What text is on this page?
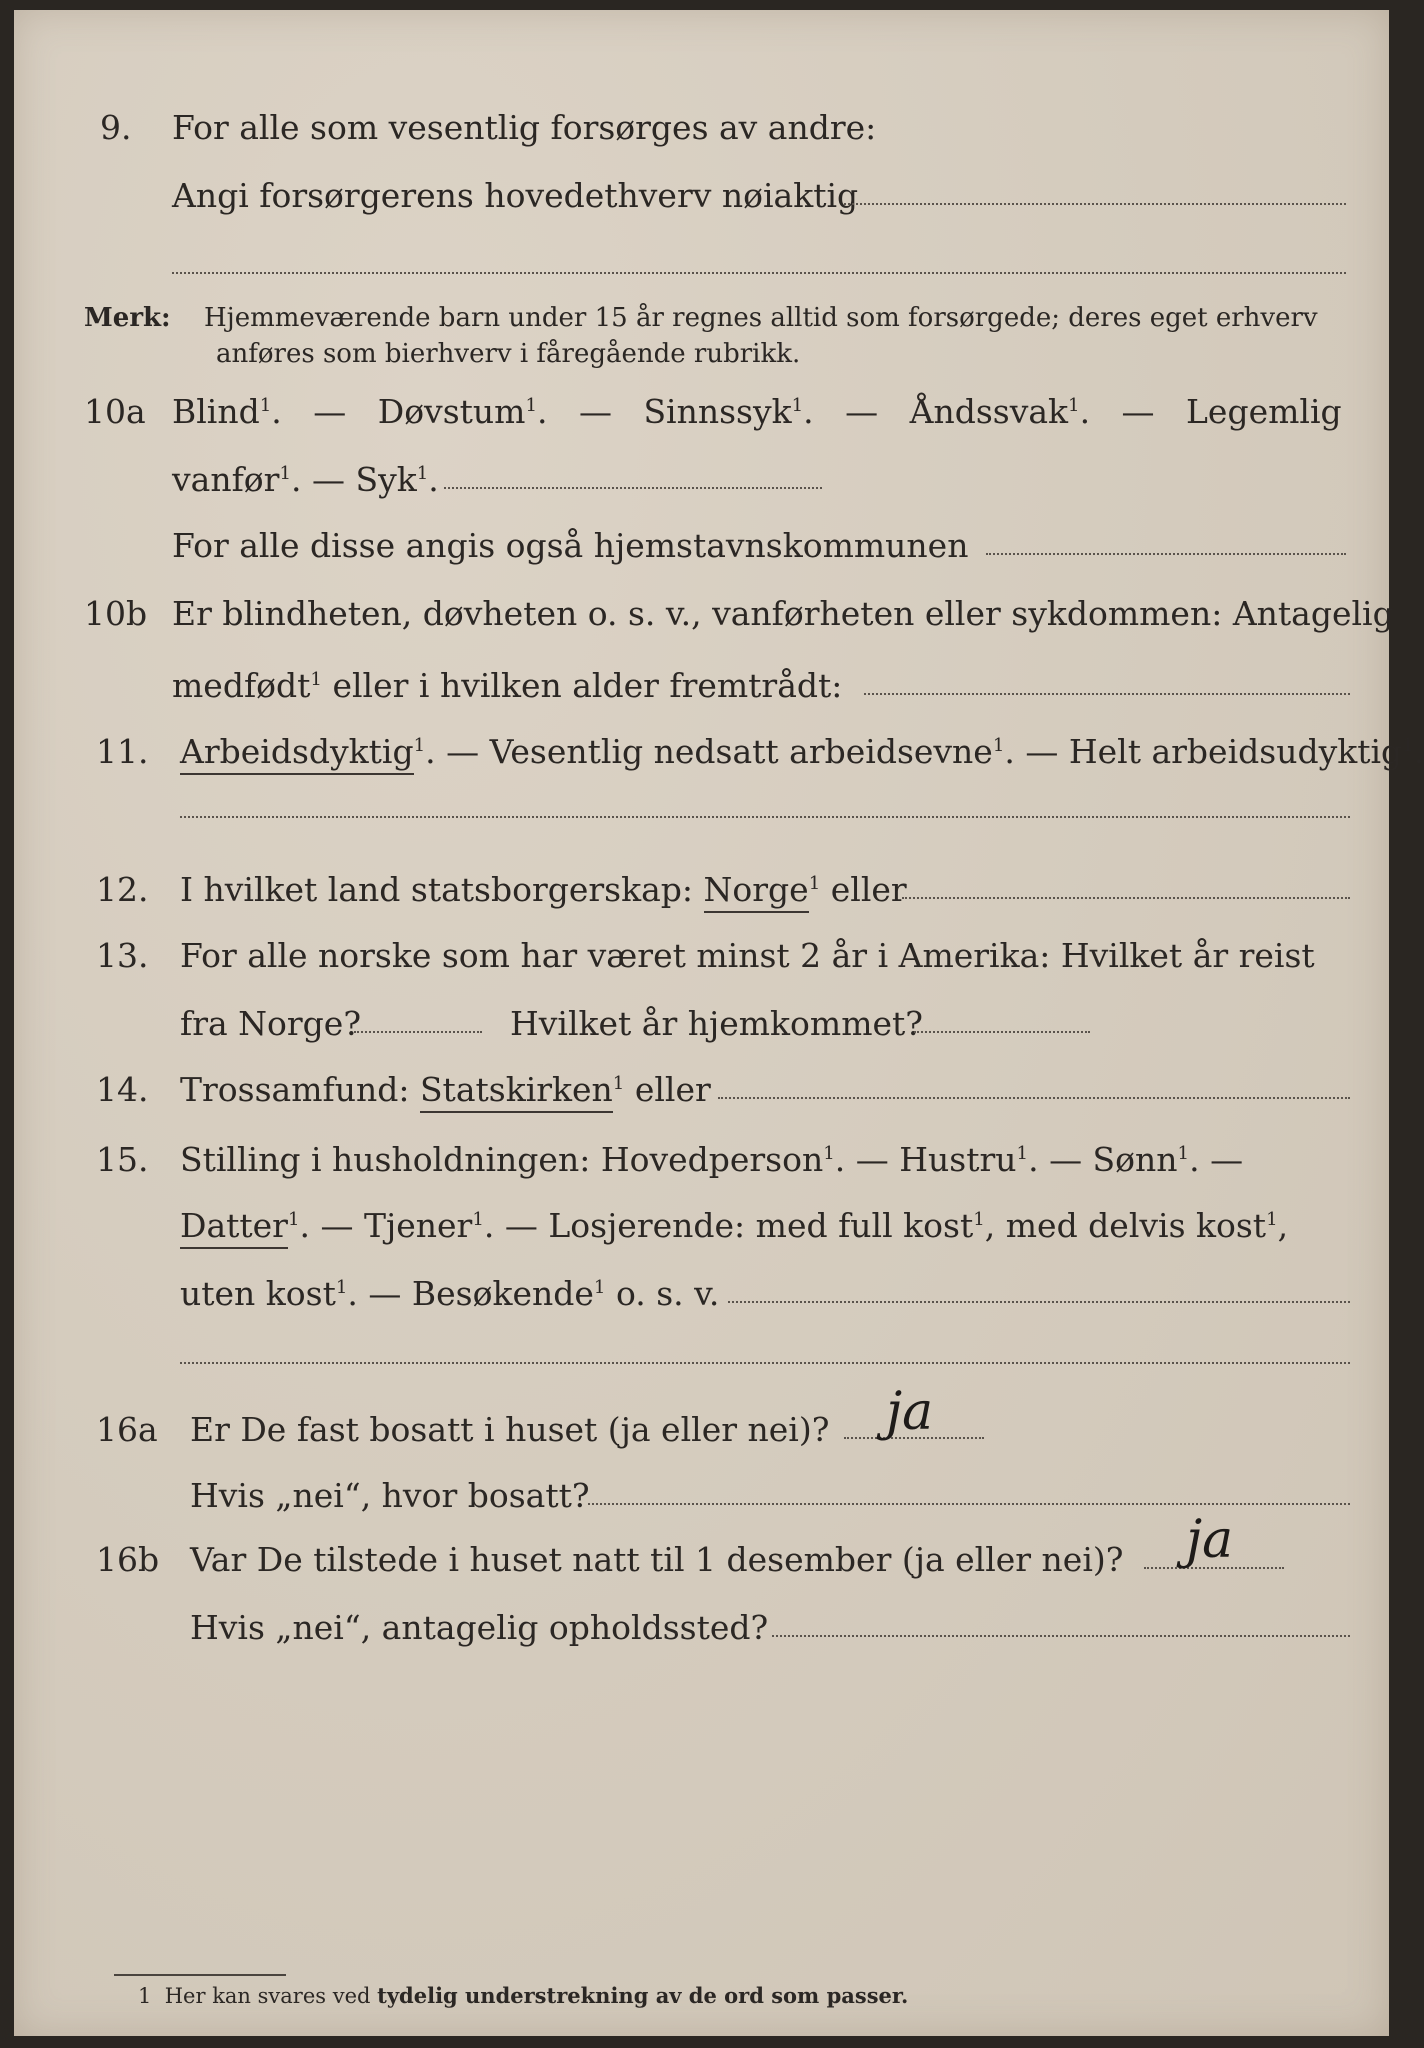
9. For alle som vesentlig forsørges av andre:
Angi forsørgerens hovedethverv nøiaktig
Merk: Hjemmeværende barn under 15 år regnes alltid som forsørgede; deres eget erhverv
anføres som bierhverv i fåregående rubrikk.
10a Blind$^1$.   —   Døvstum$^1$.   —   Sinnssyk$^1$.   —   Åndssvak$^1$.   —   Legemlig
vanfør$^1$. — Syk$^1$.
For alle disse angis også hjemstavnskommunen
10b Er blindheten, døvheten o. s. v., vanførheten eller sykdommen: Antagelig
medfødt$^1$ eller i hvilken alder fremtrådt:
11. Arbeidsdyktig$^1$. — Vesentlig nedsatt arbeidsevne$^1$. — Helt arbeidsudyktig$^1$.
12. I hvilket land statsborgerskap: Norge$^1$ eller
13. For alle norske som har været minst 2 år i Amerika: Hvilket år reist
fra Norge?	Hvilket år hjemkommet?
14. Trossamfund: Statskirken$^1$ eller
15. Stilling i husholdningen: Hovedperson$^1$. — Hustru$^1$. — Sønn$^1$. —
Datter$^1$. — Tjener$^1$. — Losjerende: med full kost$^1$, med delvis kost$^1$,
uten kost$^1$. — Besøkende$^1$ o. s. v.
16a Er De fast bosatt i huset (ja eller nei)? ja
Hvis „nei“, hvor bosatt?
16b Var De tilstede i huset natt til 1 desember (ja eller nei)? ja
Hvis „nei“, antagelig opholdssted?
1 Her kan svares ved tydelig understrekning av de ord som passer.
